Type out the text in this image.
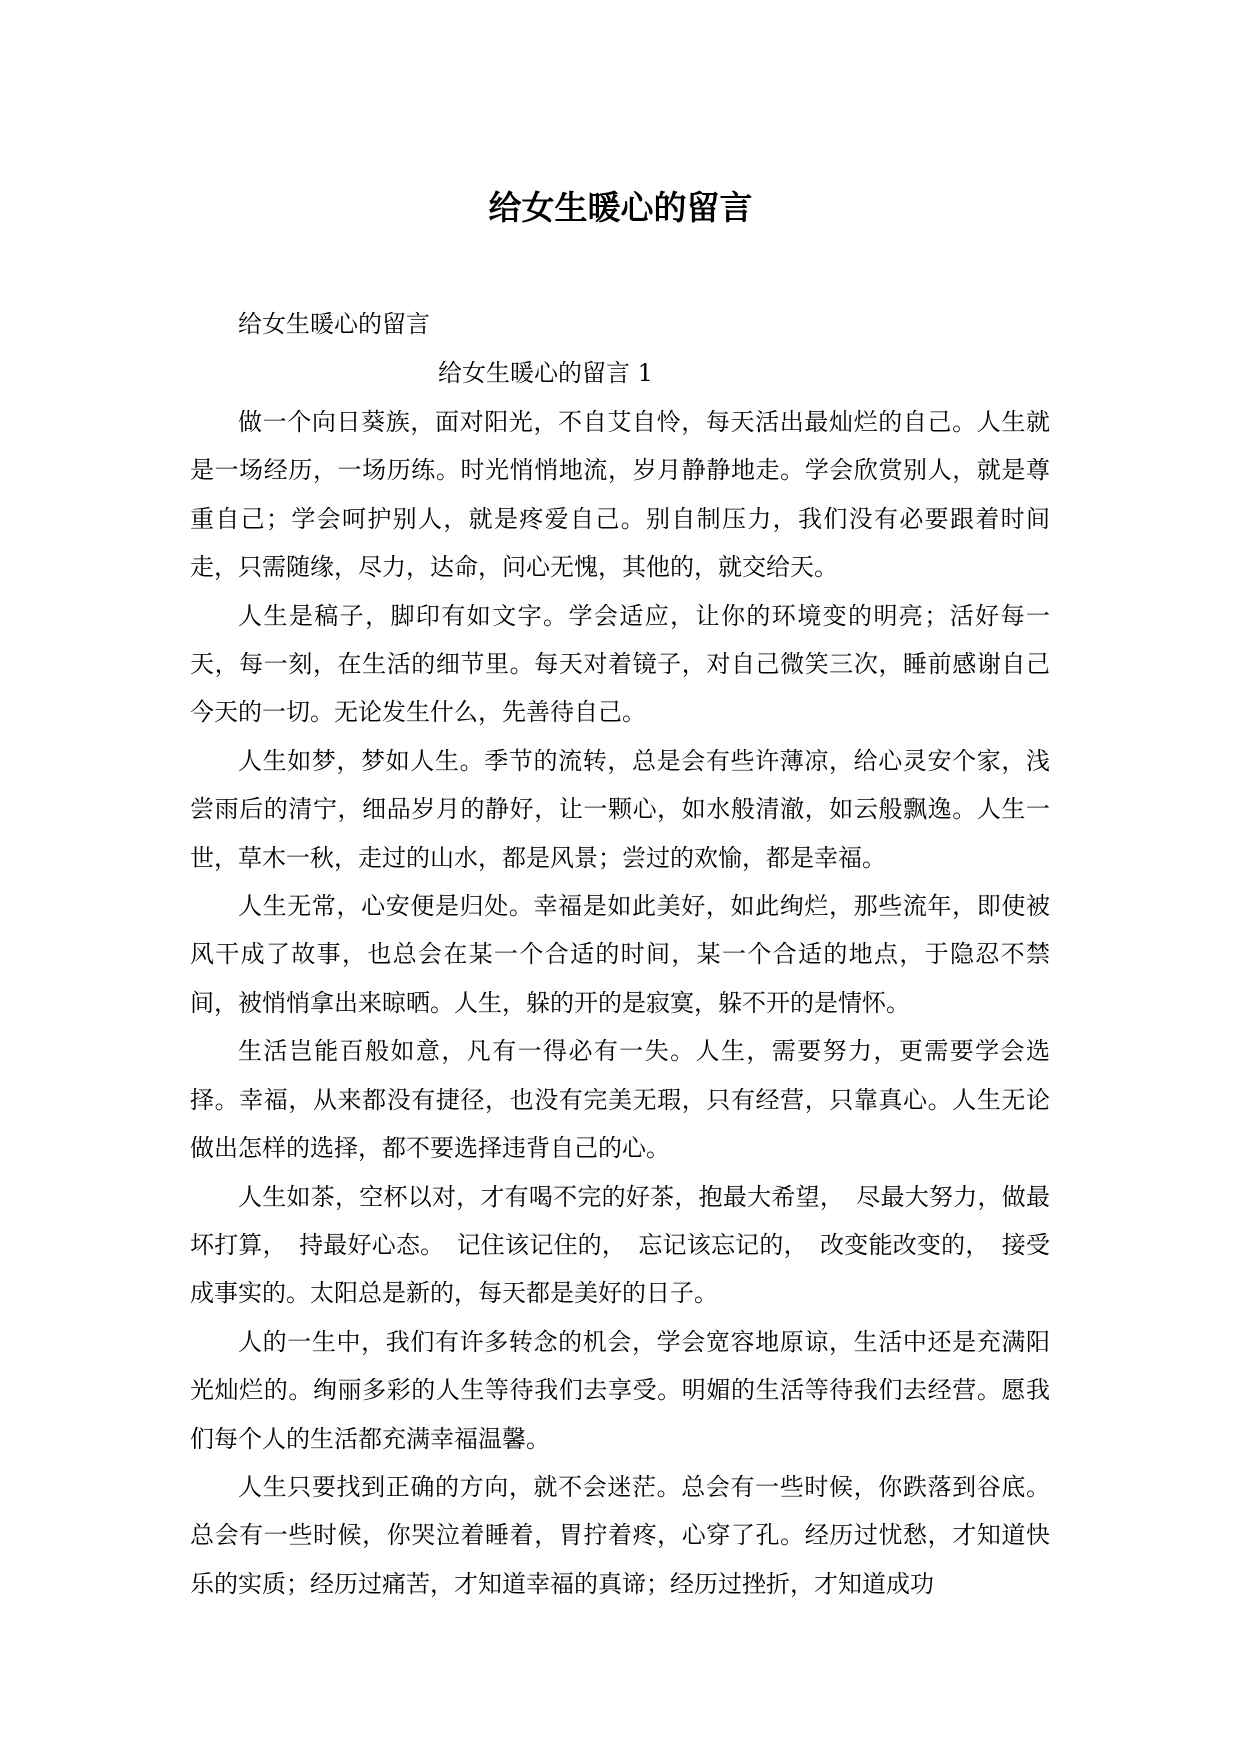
给女生暖心的留言

给女生暖心的留言

给女生暖心的留言 1

做一个向日葵族，面对阳光，不自艾自怜，每天活出最灿烂的自己。人生就是一场经历，一场历练。时光悄悄地流，岁月静静地走。学会欣赏别人，就是尊重自己；学会呵护别人，就是疼爱自己。别自制压力，我们没有必要跟着时间走，只需随缘，尽力，达命，问心无愧，其他的，就交给天。

人生是稿子，脚印有如文字。学会适应，让你的环境变的明亮；活好每一天，每一刻，在生活的细节里。每天对着镜子，对自己微笑三次，睡前感谢自己今天的一切。无论发生什么，先善待自己。

人生如梦，梦如人生。季节的流转，总是会有些许薄凉，给心灵安个家，浅尝雨后的清宁，细品岁月的静好，让一颗心，如水般清澈，如云般飘逸。人生一世，草木一秋，走过的山水，都是风景；尝过的欢愉，都是幸福。

人生无常，心安便是归处。幸福是如此美好，如此绚烂，那些流年，即使被风干成了故事，也总会在某一个合适的时间，某一个合适的地点，于隐忍不禁间，被悄悄拿出来晾晒。人生，躲的开的是寂寞，躲不开的是情怀。

生活岂能百般如意，凡有一得必有一失。人生，需要努力，更需要学会选择。幸福，从来都没有捷径，也没有完美无瑕，只有经营，只靠真心。人生无论做出怎样的选择，都不要选择违背自己的心。

人生如茶，空杯以对，才有喝不完的好茶，抱最大希望，　尽最大努力，做最坏打算，　持最好心态。　记住该记住的，　忘记该忘记的，　改变能改变的，　接受成事实的。太阳总是新的，每天都是美好的日子。

人的一生中，我们有许多转念的机会，学会宽容地原谅，生活中还是充满阳光灿烂的。绚丽多彩的人生等待我们去享受。明媚的生活等待我们去经营。愿我们每个人的生活都充满幸福温馨。

人生只要找到正确的方向，就不会迷茫。总会有一些时候，你跌落到谷底。总会有一些时候，你哭泣着睡着，胃拧着疼，心穿了孔。经历过忧愁，才知道快乐的实质；经历过痛苦，才知道幸福的真谛；经历过挫折，才知道成功
